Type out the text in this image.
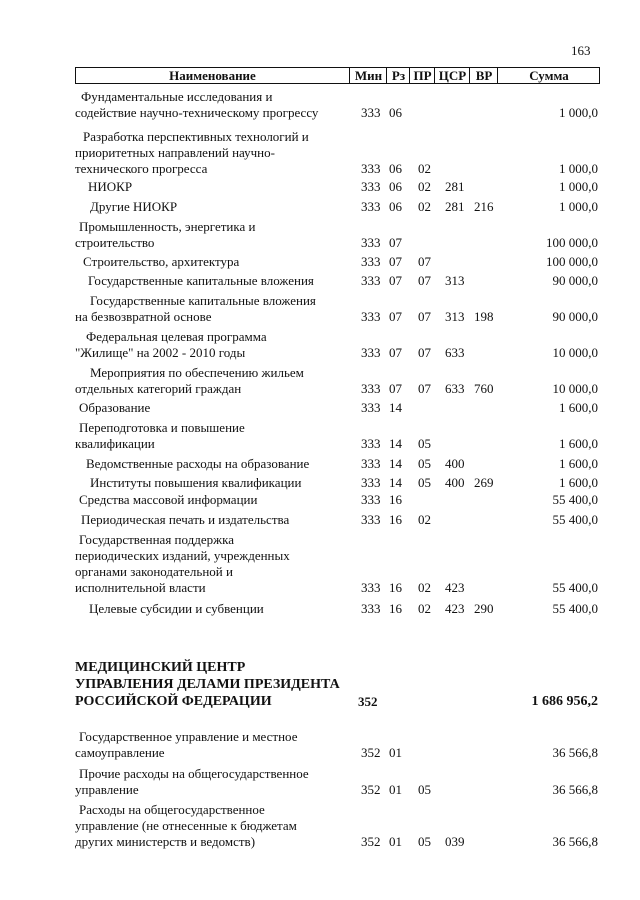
163
Наименование	Мин Рз ПР ЦСР ВР	Сумма
Фундаментальные исследования и
содействие научно-техническому прогрессу	333 06	1 000,0
Разработка перспективных технологий и
приоритетных направлений научно-
технического прогресса	333 06 02	1 000,0
НИОКР	333 06 02 281	1 000,0
Другие НИОКР	333 06 02 281 216	1 000,0
Промышленность, энергетика и
строительство	333 07	100 000,0
Строительство, архитектура	333 07 07	100 000,0
Государственные капитальные вложения	333 07 07 313	90 000,0
Государственные капитальные вложения
на безвозвратной основе	333 07 07 313 198	90 000,0
Федеральная целевая программа
"Жилище" на 2002 - 2010 годы	333 07 07 633	10 000,0
Мероприятия по обеспечению жильем
отдельных категорий граждан	333 07 07 633 760	10 000,0
Образование	333 14	1 600,0
Переподготовка и повышение
квалификации	333 14 05	1 600,0
Ведомственные расходы на образование	333 14 05 400	1 600,0
Институты повышения квалификации	333 14 05 400 269	1 600,0
Средства массовой информации	333 16	55 400,0
Периодическая печать и издательства	333 16 02	55 400,0
Государственная поддержка
периодических изданий, учрежденных
органами законодательной и
исполнительной власти	333 16 02 423	55 400,0
Целевые субсидии и субвенции	333 16 02 423 290	55 400,0
МЕДИЦИНСКИЙ ЦЕНТР
УПРАВЛЕНИЯ ДЕЛАМИ ПРЕЗИДЕНТА
РОССИЙСКОЙ ФЕДЕРАЦИИ	352	1 686 956,2
Государственное управление и местное
самоуправление	352 01	36 566,8
Прочие расходы на общегосударственное
управление	352 01 05	36 566,8
Расходы на общегосударственное
управление (не отнесенные к бюджетам
других министерств и ведомств)	352 01 05 039	36 566,8
